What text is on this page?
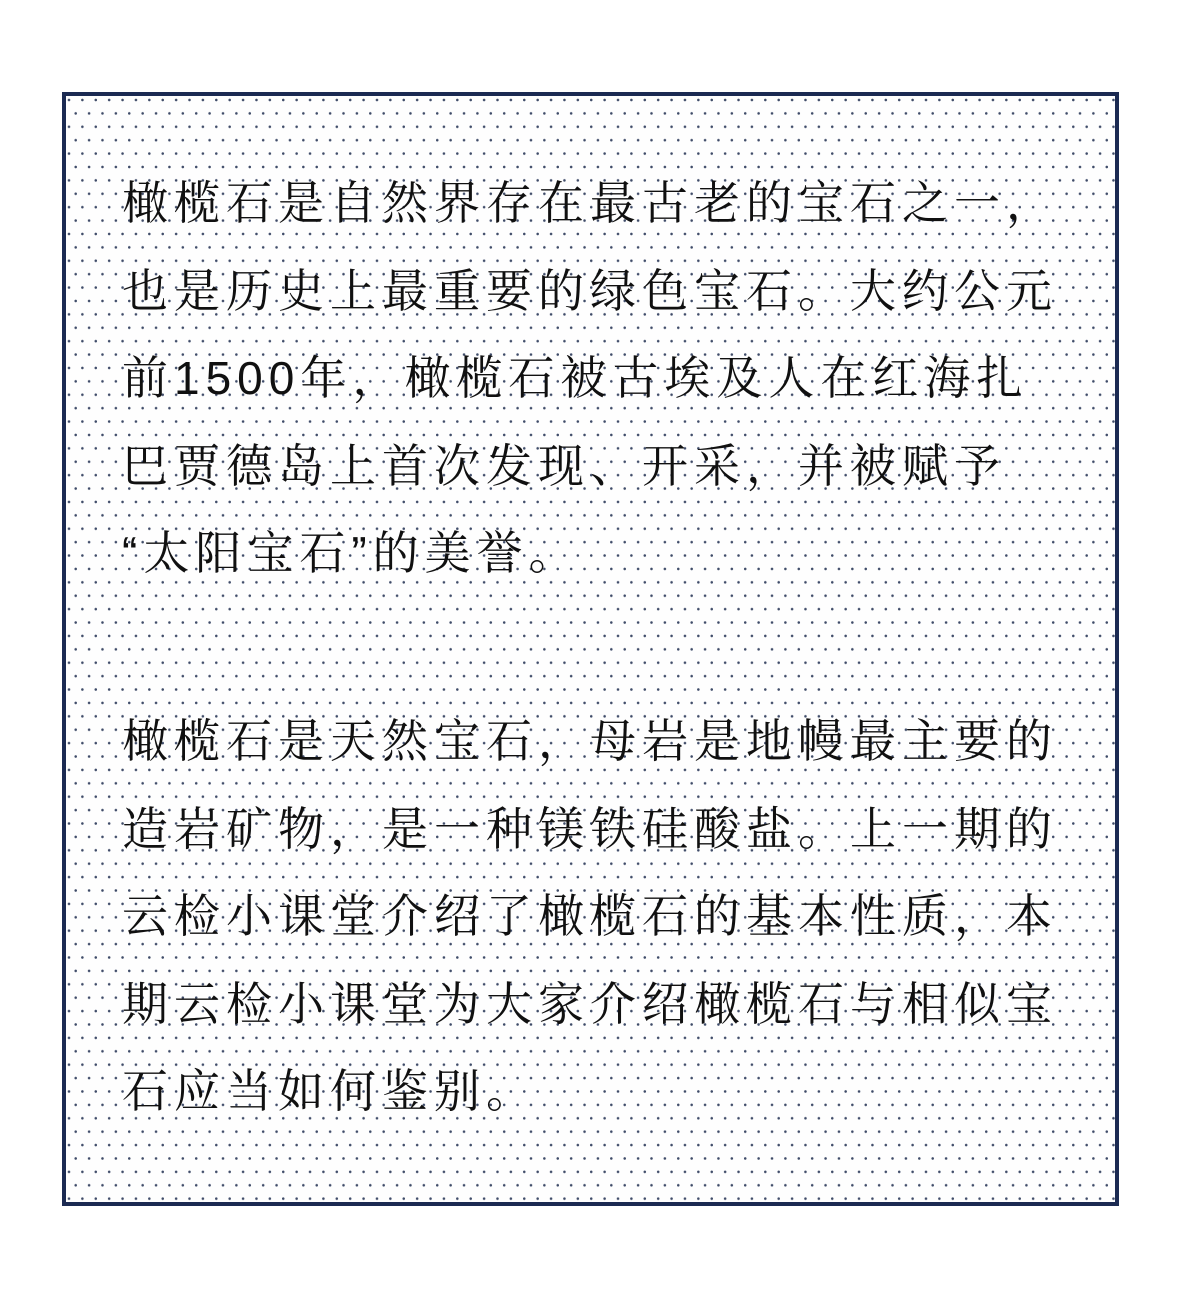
橄榄石是自然界存在最古老的宝石之一，
也是历史上最重要的绿色宝石。大约公元
前1500年，橄榄石被古埃及人在红海扎
巴贾德岛上首次发现、开采，并被赋予
“太阳宝石”的美誉。
橄榄石是天然宝石，母岩是地幔最主要的
造岩矿物，是一种镁铁硅酸盐。上一期的
云检小课堂介绍了橄榄石的基本性质，本
期云检小课堂为大家介绍橄榄石与相似宝
石应当如何鉴别。
